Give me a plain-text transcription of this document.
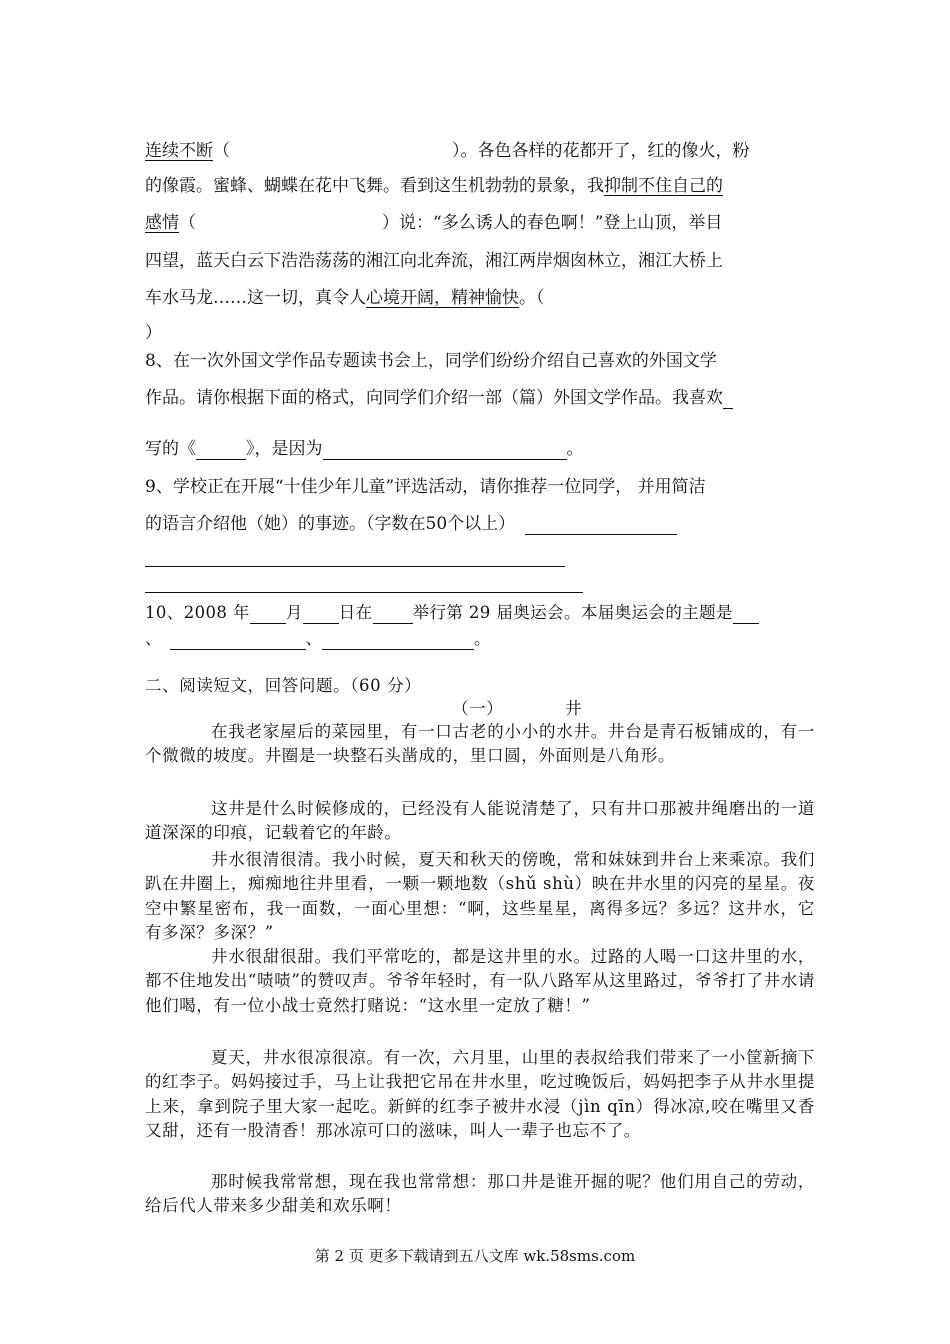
连续不断（	）。各色各样的花都开了，红的像火，粉
的像霞。蜜蜂、蝴蝶在花中飞舞。看到这生机勃勃的景象，我抑制不住自己的
感情（	）说：“多么诱人的春色啊！”登上山顶，举目
四望，蓝天白云下浩浩荡荡的湘江向北奔流，湘江两岸烟囱林立，湘江大桥上
车水马龙……这一切，真令人心境开阔，精神愉快。（
）
8、在一次外国文学作品专题读书会上，同学们纷纷介绍自己喜欢的外国文学
作品。请你根据下面的格式，向同学们介绍一部（篇）外国文学作品。我喜欢
写的《	》，是因为	。
9、学校正在开展“十佳少年儿童”评选活动，请你推荐一位同学， 并用简洁
的语言介绍他（她）的事迹。（字数在50个以上）
10、2008 年 月 日在 举行第 29 届奥运会。本届奥运会的主题是
、	、	。
二、阅读短文，回答问题。（60 分）
（一）	井
在我老家屋后的菜园里，有一口古老的小小的水井。井台是青石板铺成的，有一个微微的坡度。井圈是一块整石头凿成的，里口圆，外面则是八角形。
这井是什么时候修成的，已经没有人能说清楚了，只有井口那被井绳磨出的一道道深深的印痕，记载着它的年龄。
井水很清很清。我小时候，夏天和秋天的傍晚，常和妹妹到井台上来乘凉。我们趴在井圈上，痴痴地往井里看，一颗一颗地数（shǔ shù）映在井水里的闪亮的星星。夜空中繁星密布，我一面数，一面心里想：“啊，这些星星，离得多远？多远？这井水，它有多深？多深？”
井水很甜很甜。我们平常吃的，都是这井里的水。过路的人喝一口这井里的水，都不住地发出“啧啧”的赞叹声。爷爷年轻时，有一队八路军从这里路过，爷爷打了井水请他们喝，有一位小战士竟然打赌说：“这水里一定放了糖！”
夏天，井水很凉很凉。有一次，六月里，山里的表叔给我们带来了一小筐新摘下的红李子。妈妈接过手，马上让我把它吊在井水里，吃过晚饭后，妈妈把李子从井水里提上来，拿到院子里大家一起吃。新鲜的红李子被井水浸（jìn qīn）得冰凉,咬在嘴里又香又甜，还有一股清香！那冰凉可口的滋味，叫人一辈子也忘不了。
那时候我常常想，现在我也常常想：那口井是谁开掘的呢？他们用自己的劳动，给后代人带来多少甜美和欢乐啊！
第 2 页 更多下载请到五八文库 wk.58sms.com
